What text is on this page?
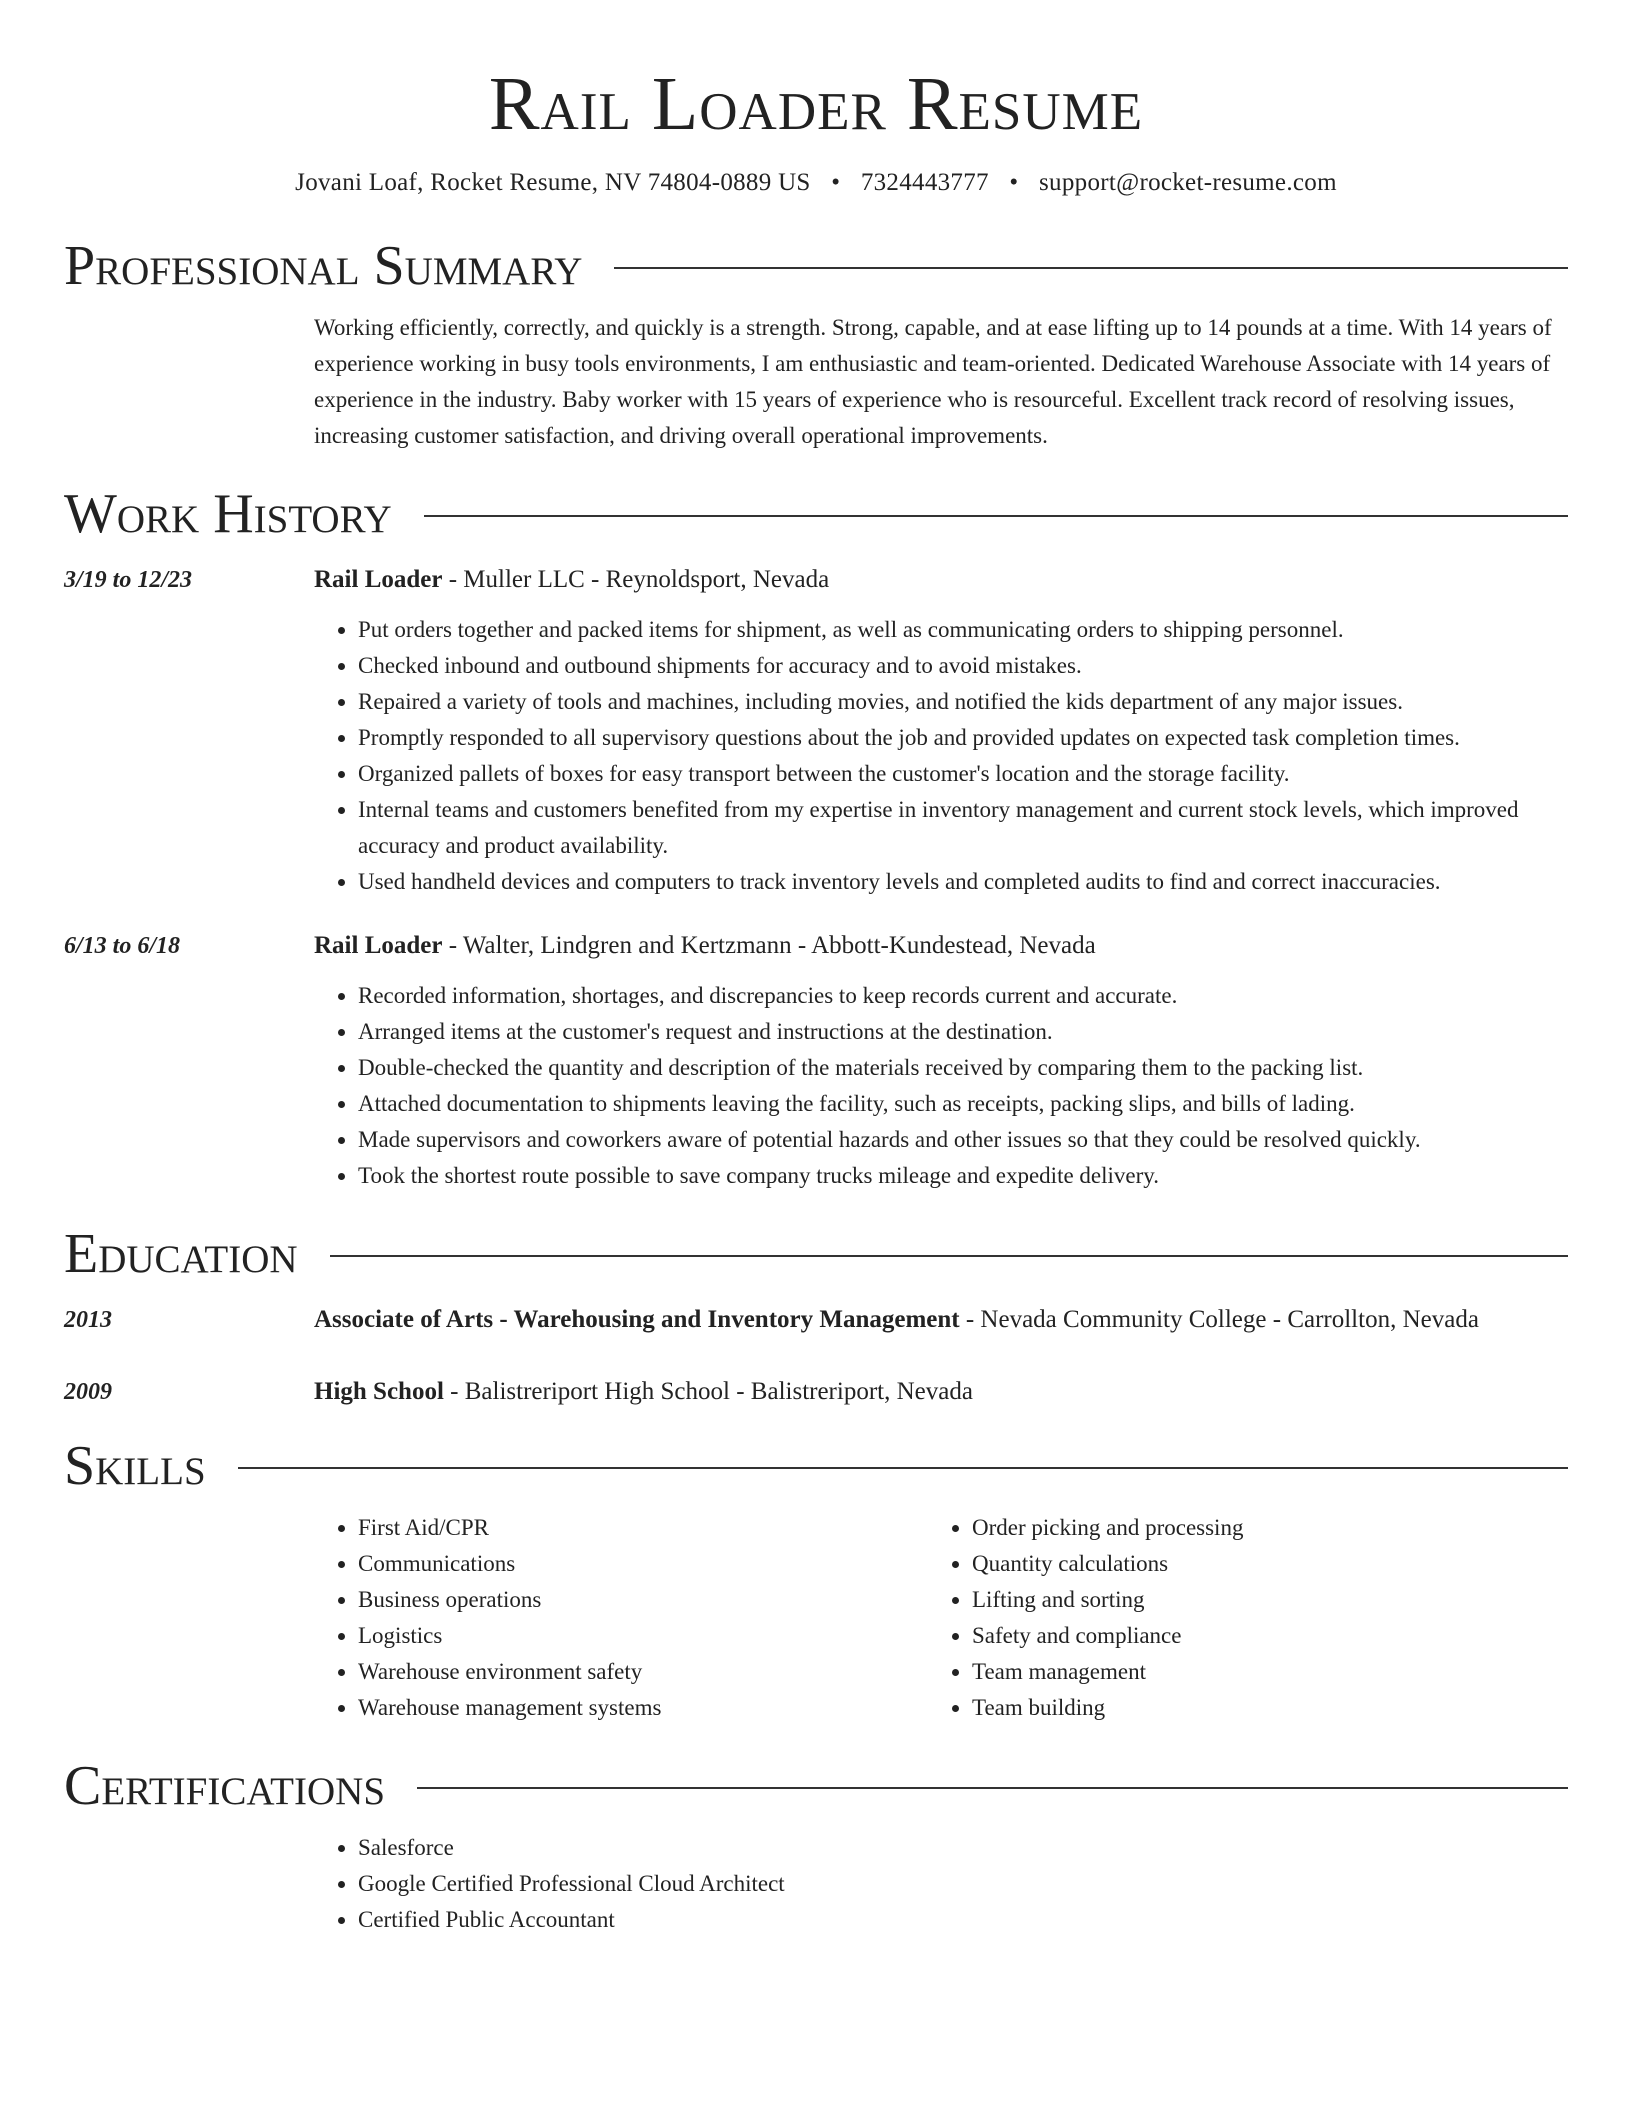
Rail Loader Resume
Jovani Loaf, Rocket Resume, NV 74804-0889 US • 7324443777 • support@rocket-resume.com
Professional Summary
Working efficiently, correctly, and quickly is a strength. Strong, capable, and at ease lifting up to 14 pounds at a time. With 14 years of experience working in busy tools environments, I am enthusiastic and team-oriented. Dedicated Warehouse Associate with 14 years of experience in the industry. Baby worker with 15 years of experience who is resourceful. Excellent track record of resolving issues, increasing customer satisfaction, and driving overall operational improvements.
Work History
3/19 to 12/23	Rail Loader - Muller LLC - Reynoldsport, Nevada
• Put orders together and packed items for shipment, as well as communicating orders to shipping personnel.
• Checked inbound and outbound shipments for accuracy and to avoid mistakes.
• Repaired a variety of tools and machines, including movies, and notified the kids department of any major issues.
• Promptly responded to all supervisory questions about the job and provided updates on expected task completion times.
• Organized pallets of boxes for easy transport between the customer's location and the storage facility.
• Internal teams and customers benefited from my expertise in inventory management and current stock levels, which improved accuracy and product availability.
• Used handheld devices and computers to track inventory levels and completed audits to find and correct inaccuracies.
6/13 to 6/18	Rail Loader - Walter, Lindgren and Kertzmann - Abbott-Kundestead, Nevada
• Recorded information, shortages, and discrepancies to keep records current and accurate.
• Arranged items at the customer's request and instructions at the destination.
• Double-checked the quantity and description of the materials received by comparing them to the packing list.
• Attached documentation to shipments leaving the facility, such as receipts, packing slips, and bills of lading.
• Made supervisors and coworkers aware of potential hazards and other issues so that they could be resolved quickly.
• Took the shortest route possible to save company trucks mileage and expedite delivery.
Education
2013	Associate of Arts - Warehousing and Inventory Management - Nevada Community College - Carrollton, Nevada
2009	High School - Balistreriport High School - Balistreriport, Nevada
Skills
• First Aid/CPR
• Communications
• Business operations
• Logistics
• Warehouse environment safety
• Warehouse management systems
• Order picking and processing
• Quantity calculations
• Lifting and sorting
• Safety and compliance
• Team management
• Team building
Certifications
• Salesforce
• Google Certified Professional Cloud Architect
• Certified Public Accountant
